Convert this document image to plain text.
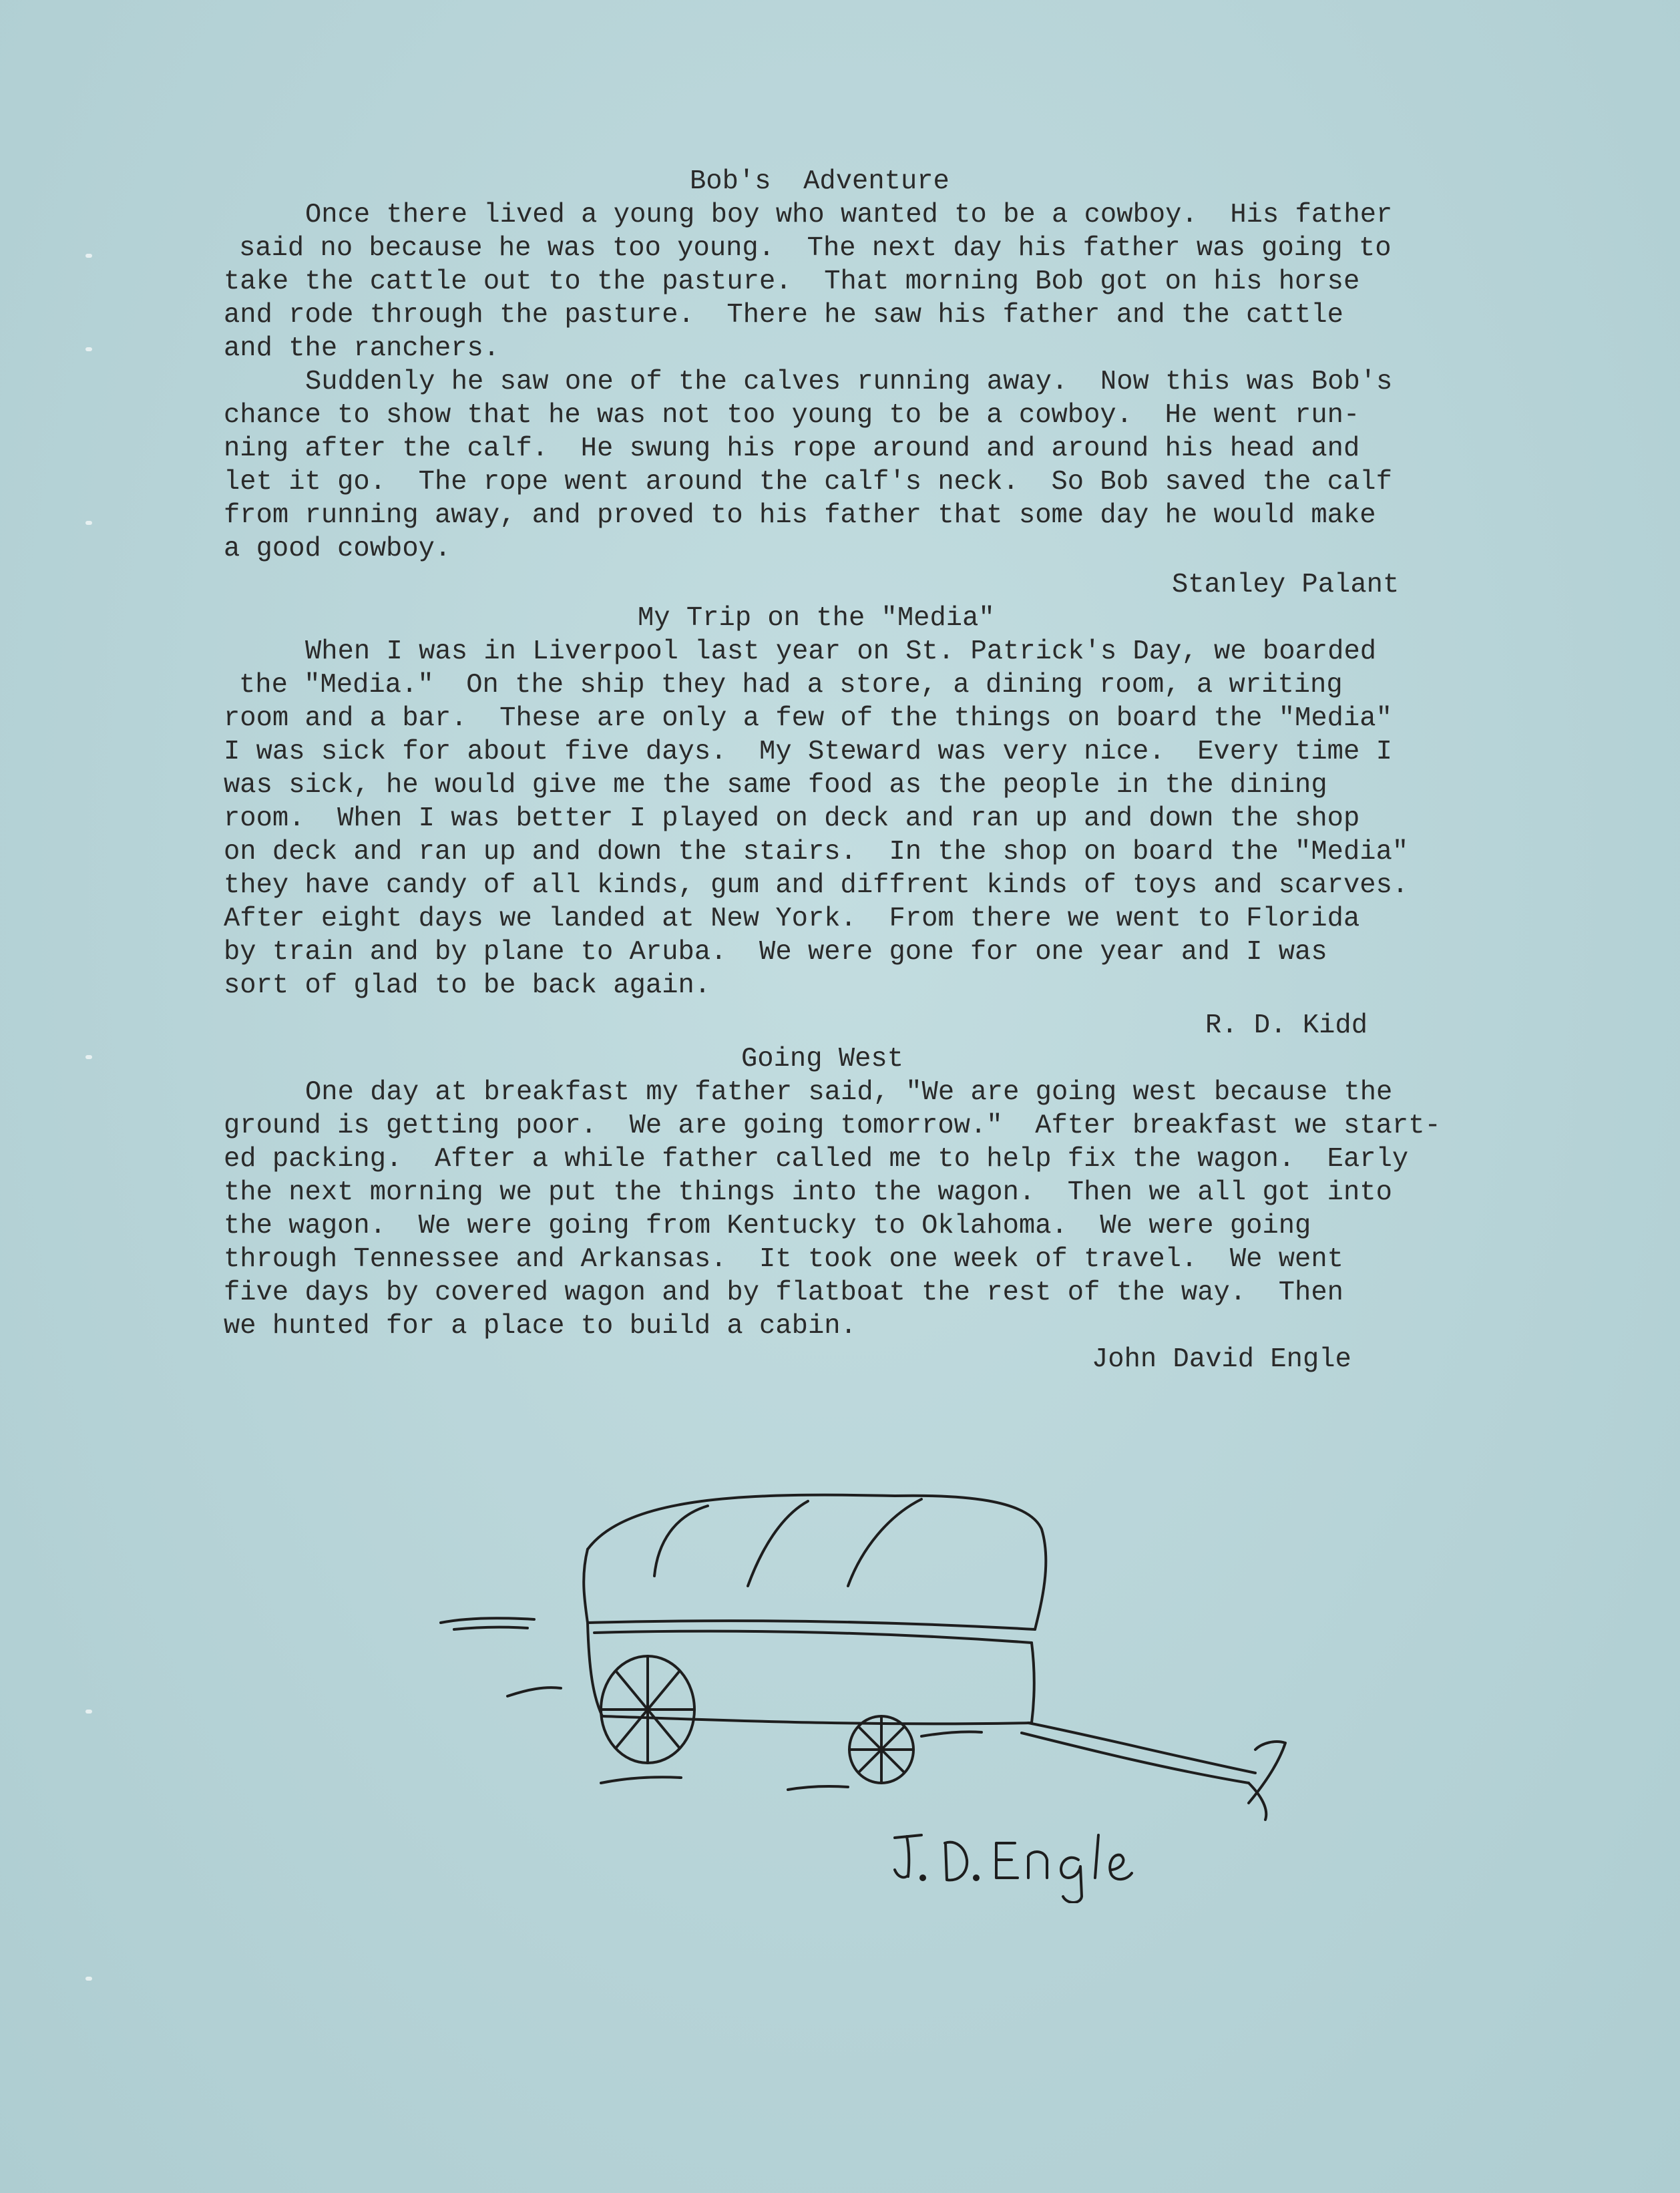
Bob's  Adventure
Once there lived a young boy who wanted to be a cowboy.  His father
said no because he was too young.  The next day his father was going to
take the cattle out to the pasture.  That morning Bob got on his horse
and rode through the pasture.  There he saw his father and the cattle
and the ranchers.
Suddenly he saw one of the calves running away.  Now this was Bob's
chance to show that he was not too young to be a cowboy.  He went run-
ning after the calf.  He swung his rope around and around his head and
let it go.  The rope went around the calf's neck.  So Bob saved the calf
from running away, and proved to his father that some day he would make
a good cowboy.
Stanley Palant
My Trip on the "Media"
When I was in Liverpool last year on St. Patrick's Day, we boarded
the "Media."  On the ship they had a store, a dining room, a writing
room and a bar.  These are only a few of the things on board the "Media"
I was sick for about five days.  My Steward was very nice.  Every time I
was sick, he would give me the same food as the people in the dining
room.  When I was better I played on deck and ran up and down the shop
on deck and ran up and down the stairs.  In the shop on board the "Media"
they have candy of all kinds, gum and diffrent kinds of toys and scarves.
After eight days we landed at New York.  From there we went to Florida
by train and by plane to Aruba.  We were gone for one year and I was
sort of glad to be back again.
R. D. Kidd
Going West
One day at breakfast my father said, "We are going west because the
ground is getting poor.  We are going tomorrow."  After breakfast we start-
ed packing.  After a while father called me to help fix the wagon.  Early
the next morning we put the things into the wagon.  Then we all got into
the wagon.  We were going from Kentucky to Oklahoma.  We were going
through Tennessee and Arkansas.  It took one week of travel.  We went
five days by covered wagon and by flatboat the rest of the way.  Then
we hunted for a place to build a cabin.
John David Engle
